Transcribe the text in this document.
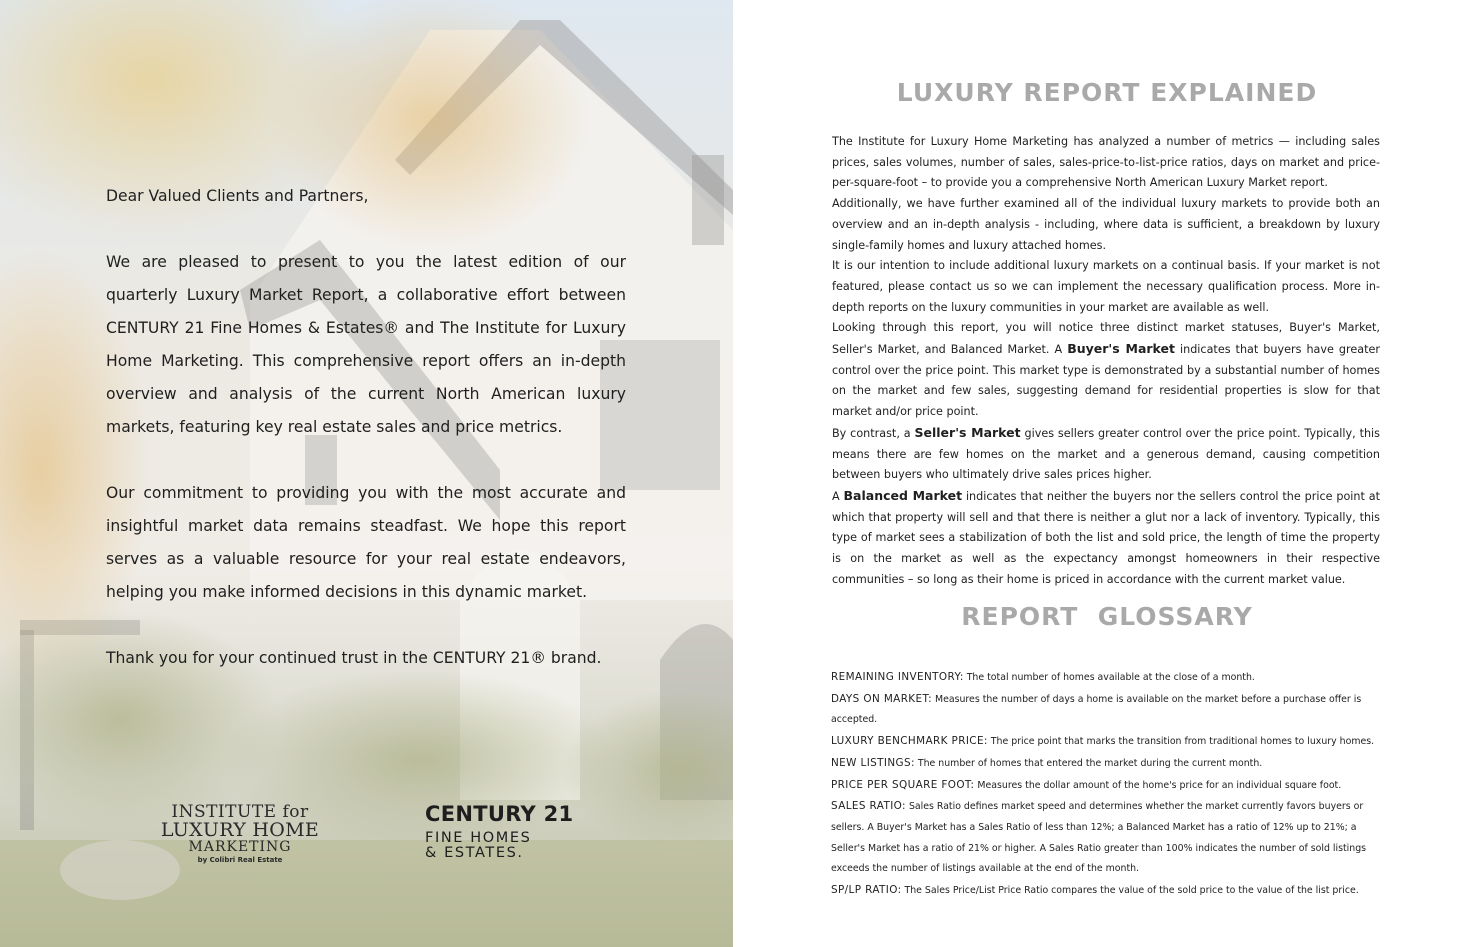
Dear Valued Clients and Partners,

We are pleased to present to you the latest edition of our quarterly Luxury Market Report, a collaborative effort between CENTURY 21 Fine Homes & Estates® and The Institute for Luxury Home Marketing. This comprehensive report offers an in-depth overview and analysis of the current North American luxury markets, featuring key real estate sales and price metrics.

Our commitment to providing you with the most accurate and insightful market data remains steadfast. We hope this report serves as a valuable resource for your real estate endeavors, helping you make informed decisions in this dynamic market.

Thank you for your continued trust in the CENTURY 21® brand.

INSTITUTE for
LUXURY HOME
MARKETING
by Colibri Real Estate
CENTURY 21
FINE HOMES
& ESTATES.
LUXURY REPORT EXPLAINED

The Institute for Luxury Home Marketing has analyzed a number of metrics — including sales prices, sales volumes, number of sales, sales-price-to-list-price ratios, days on market and price-per-square-foot – to provide you a comprehensive North American Luxury Market report.

Additionally, we have further examined all of the individual luxury markets to provide both an overview and an in-depth analysis - including, where data is sufficient, a breakdown by luxury single-family homes and luxury attached homes.

It is our intention to include additional luxury markets on a continual basis. If your market is not featured, please contact us so we can implement the necessary qualification process. More in-depth reports on the luxury communities in your market are available as well.

Looking through this report, you will notice three distinct market statuses, Buyer's Market, Seller's Market, and Balanced Market. A Buyer's Market indicates that buyers have greater control over the price point. This market type is demonstrated by a substantial number of homes on the market and few sales, suggesting demand for residential properties is slow for that market and/or price point.

By contrast, a Seller's Market gives sellers greater control over the price point. Typically, this means there are few homes on the market and a generous demand, causing competition between buyers who ultimately drive sales prices higher.

A Balanced Market indicates that neither the buyers nor the sellers control the price point at which that property will sell and that there is neither a glut nor a lack of inventory. Typically, this type of market sees a stabilization of both the list and sold price, the length of time the property is on the market as well as the expectancy amongst homeowners in their respective communities – so long as their home is priced in accordance with the current market value.

REPORT  GLOSSARY

REMAINING INVENTORY: The total number of homes available at the close of a month.

DAYS ON MARKET: Measures the number of days a home is available on the market before a purchase offer is accepted.

LUXURY BENCHMARK PRICE: The price point that marks the transition from traditional homes to luxury homes.

NEW LISTINGS: The number of homes that entered the market during the current month.

PRICE PER SQUARE FOOT: Measures the dollar amount of the home's price for an individual square foot.

SALES RATIO: Sales Ratio defines market speed and determines whether the market currently favors buyers or sellers. A Buyer's Market has a Sales Ratio of less than 12%; a Balanced Market has a ratio of 12% up to 21%; a Seller's Market has a ratio of 21% or higher. A Sales Ratio greater than 100% indicates the number of sold listings exceeds the number of listings available at the end of the month.

SP/LP RATIO: The Sales Price/List Price Ratio compares the value of the sold price to the value of the list price.
